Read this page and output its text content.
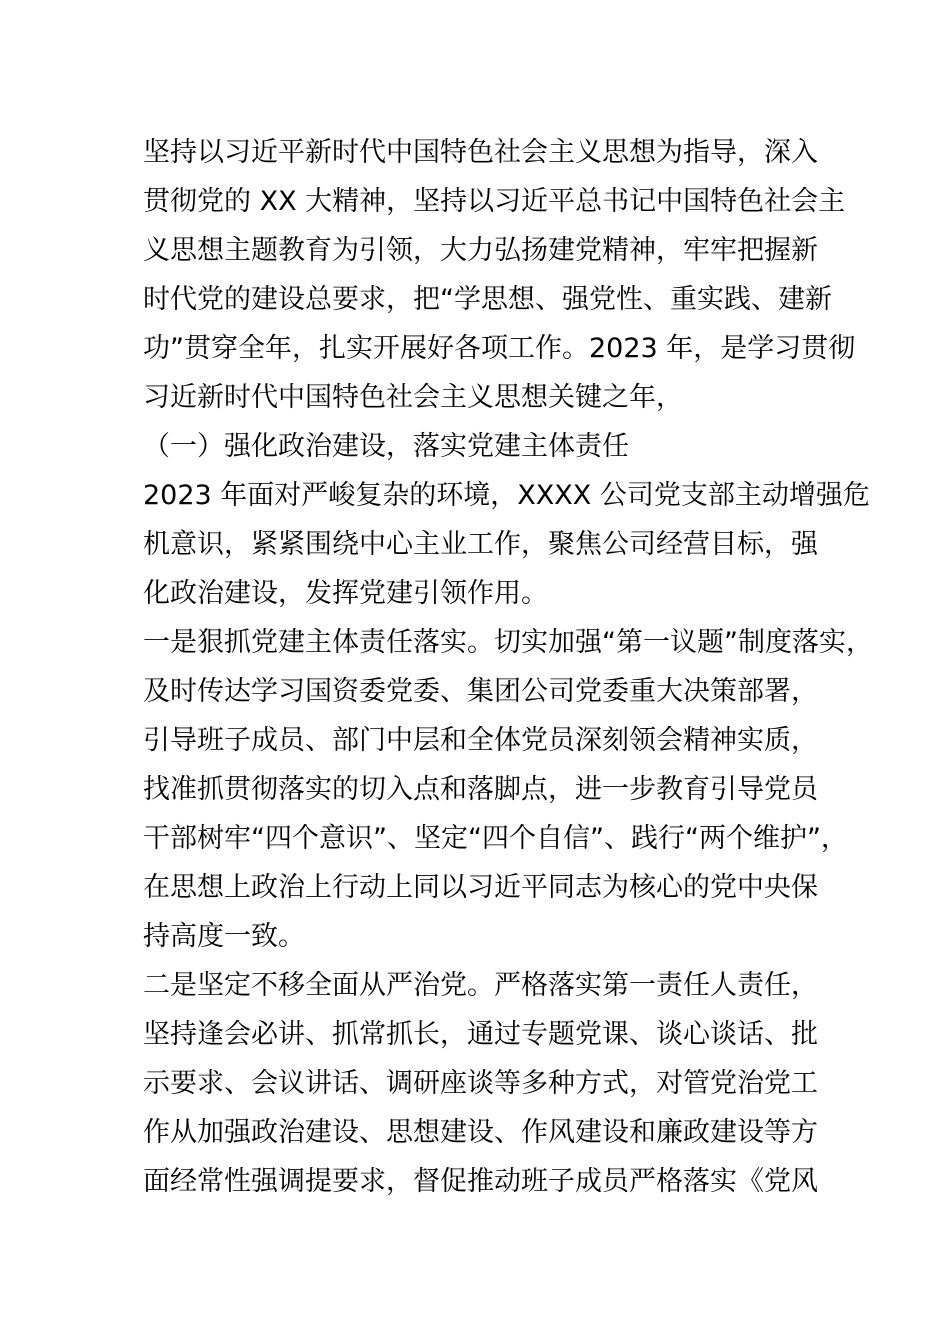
坚持以习近平新时代中国特色社会主义思想为指导，深入
贯彻党的 XX 大精神，坚持以习近平总书记中国特色社会主
义思想主题教育为引领，大力弘扬建党精神，牢牢把握新
时代党的建设总要求，把“学思想、强党性、重实践、建新
功”贯穿全年，扎实开展好各项工作。2023 年，是学习贯彻
习近新时代中国特色社会主义思想关键之年，
（一）强化政治建设，落实党建主体责任
2023 年面对严峻复杂的环境，XXXX 公司党支部主动增强危
机意识，紧紧围绕中心主业工作，聚焦公司经营目标，强
化政治建设，发挥党建引领作用。
一是狠抓党建主体责任落实。切实加强“第一议题”制度落实，
及时传达学习国资委党委、集团公司党委重大决策部署，
引导班子成员、部门中层和全体党员深刻领会精神实质，
找准抓贯彻落实的切入点和落脚点，进一步教育引导党员
干部树牢“四个意识”、坚定“四个自信”、践行“两个维护”，
在思想上政治上行动上同以习近平同志为核心的党中央保
持高度一致。
二是坚定不移全面从严治党。严格落实第一责任人责任，
坚持逢会必讲、抓常抓长，通过专题党课、谈心谈话、批
示要求、会议讲话、调研座谈等多种方式，对管党治党工
作从加强政治建设、思想建设、作风建设和廉政建设等方
面经常性强调提要求，督促推动班子成员严格落实《党风
